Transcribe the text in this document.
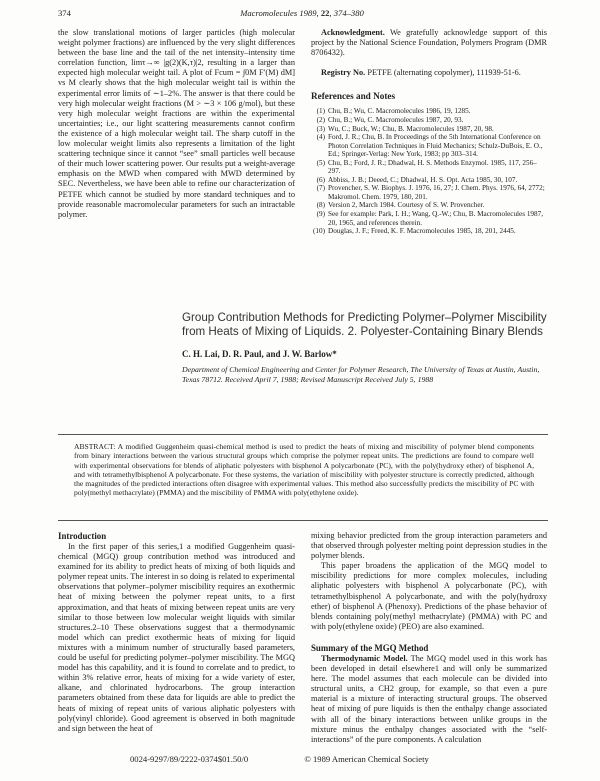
374	Macromolecules 1989, 22, 374–380

the slow translational motions of larger particles (high molecular weight polymer fractions) are influenced by the very slight differences between the base line and the tail of the net intensity–intensity time correlation function, limτ→∞ |g(2)(K,τ)|2, resulting in a larger than expected high molecular weight tail. A plot of Fcum = ∫0M F′(M) dM] vs M clearly shows that the high molecular weight tail is within the experimental error limits of ∼1–2%. The answer is that there could be very high molecular weight fractions (M > ∼3 × 106 g/mol), but these very high molecular weight fractions are within the experimental uncertainties; i.e., our light scattering measurements cannot confirm the existence of a high molecular weight tail. The sharp cutoff in the low molecular weight limits also represents a limitation of the light scattering technique since it cannot “see” small particles well because of their much lower scattering power. Our results put a weight-average emphasis on the MWD when compared with MWD determined by SEC. Nevertheless, we have been able to refine our characterization of PETFE which cannot be studied by more standard techniques and to provide reasonable macromolecular parameters for such an intractable polymer.

Acknowledgment. We gratefully acknowledge support of this project by the National Science Foundation, Polymers Program (DMR 8706432).

Registry No. PETFE (alternating copolymer), 111939-51-6.

References and Notes

(1) Chu, B.; Wu, C. Macromolecules 1986, 19, 1285.
(2) Chu, B.; Wu, C. Macromolecules 1987, 20, 93.
(3) Wu, C.; Buck, W.; Chu, B. Macromolecules 1987, 20, 98.
(4) Ford, J. R.; Chu, B. In Proceedings of the 5th International Conference on Photon Correlation Techniques in Fluid Mechanics; Schulz-DuBois, E. O., Ed.; Springer-Verlag: New York, 1983; pp 303–314.
(5) Chu, B.; Ford, J. R.; Dhadwal, H. S. Methods Enzymol. 1985, 117, 256–297.
(6) Abbiss, J. B.; Deeed, C.; Dhadwal, H. S. Opt. Acta 1985, 30, 107.
(7) Provencher, S. W. Biophys. J. 1976, 16, 27; J. Chem. Phys. 1976, 64, 2772; Makromol. Chem. 1979, 180, 201.
(8) Version 2, March 1984. Courtesy of S. W. Provencher.
(9) See for example: Park, I. H.; Wang, Q.-W.; Chu, B. Macromolecules 1987, 20, 1965, and references therein.
(10) Douglas, J. F.; Freed, K. F. Macromolecules 1985, 18, 201, 2445.

Group Contribution Methods for Predicting Polymer–Polymer Miscibility from Heats of Mixing of Liquids. 2. Polyester-Containing Binary Blends

C. H. Lai, D. R. Paul, and J. W. Barlow*

Department of Chemical Engineering and Center for Polymer Research, The University of Texas at Austin, Austin, Texas 78712. Received April 7, 1988; Revised Manuscript Received July 5, 1988

ABSTRACT: A modified Guggenheim quasi-chemical method is used to predict the heats of mixing and miscibility of polymer blend components from binary interactions between the various structural groups which comprise the polymer repeat units. The predictions are found to compare well with experimental observations for blends of aliphatic polyesters with bisphenol A polycarbonate (PC), with the poly(hydroxy ether) of bisphenol A, and with tetramethylbisphenol A polycarbonate. For these systems, the variation of miscibility with polyester structure is correctly predicted, although the magnitudes of the predicted interactions often disagree with experimental values. This method also successfully predicts the miscibility of PC with poly(methyl methacrylate) (PMMA) and the miscibility of PMMA with poly(ethylene oxide).

Introduction

In the first paper of this series,1 a modified Guggenheim quasi-chemical (MGQ) group contribution method was introduced and examined for its ability to predict heats of mixing of both liquids and polymer repeat units. The interest in so doing is related to experimental observations that polymer–polymer miscibility requires an exothermic heat of mixing between the polymer repeat units, to a first approximation, and that heats of mixing between repeat units are very similar to those between low molecular weight liquids with similar structures.2–10 These observations suggest that a thermodynamic model which can predict exothermic heats of mixing for liquid mixtures with a minimum number of structurally based parameters, could be useful for predicting polymer–polymer miscibility. The MGQ model has this capability, and it is found to correlate and to predict, to within 3% relative error, heats of mixing for a wide variety of ester, alkane, and chlorinated hydrocarbons. The group interaction parameters obtained from these data for liquids are able to predict the heats of mixing of repeat units of various aliphatic polyesters with poly(vinyl chloride). Good agreement is observed in both magnitude and sign between the heat of

mixing behavior predicted from the group interaction parameters and that observed through polyester melting point depression studies in the polymer blends.

This paper broadens the application of the MGQ model to miscibility predictions for more complex molecules, including aliphatic polyesters with bisphenol A polycarbonate (PC), with tetramethylbisphenol A polycarbonate, and with the poly(hydroxy ether) of bisphenol A (Phenoxy). Predictions of the phase behavior of blends containing poly(methyl methacrylate) (PMMA) with PC and with poly(ethylene oxide) (PEO) are also examined.

Summary of the MGQ Method

Thermodynamic Model. The MGQ model used in this work has been developed in detail elsewhere1 and will only be summarized here. The model assumes that each molecule can be divided into structural units, a CH2 group, for example, so that even a pure material is a mixture of interacting structural groups. The observed heat of mixing of pure liquids is then the enthalpy change associated with all of the binary interactions between unlike groups in the mixture minus the enthalpy changes associated with the “self-interactions” of the pure components. A calculation

0024-9297/89/2222-0374$01.50/0	© 1989 American Chemical Society
